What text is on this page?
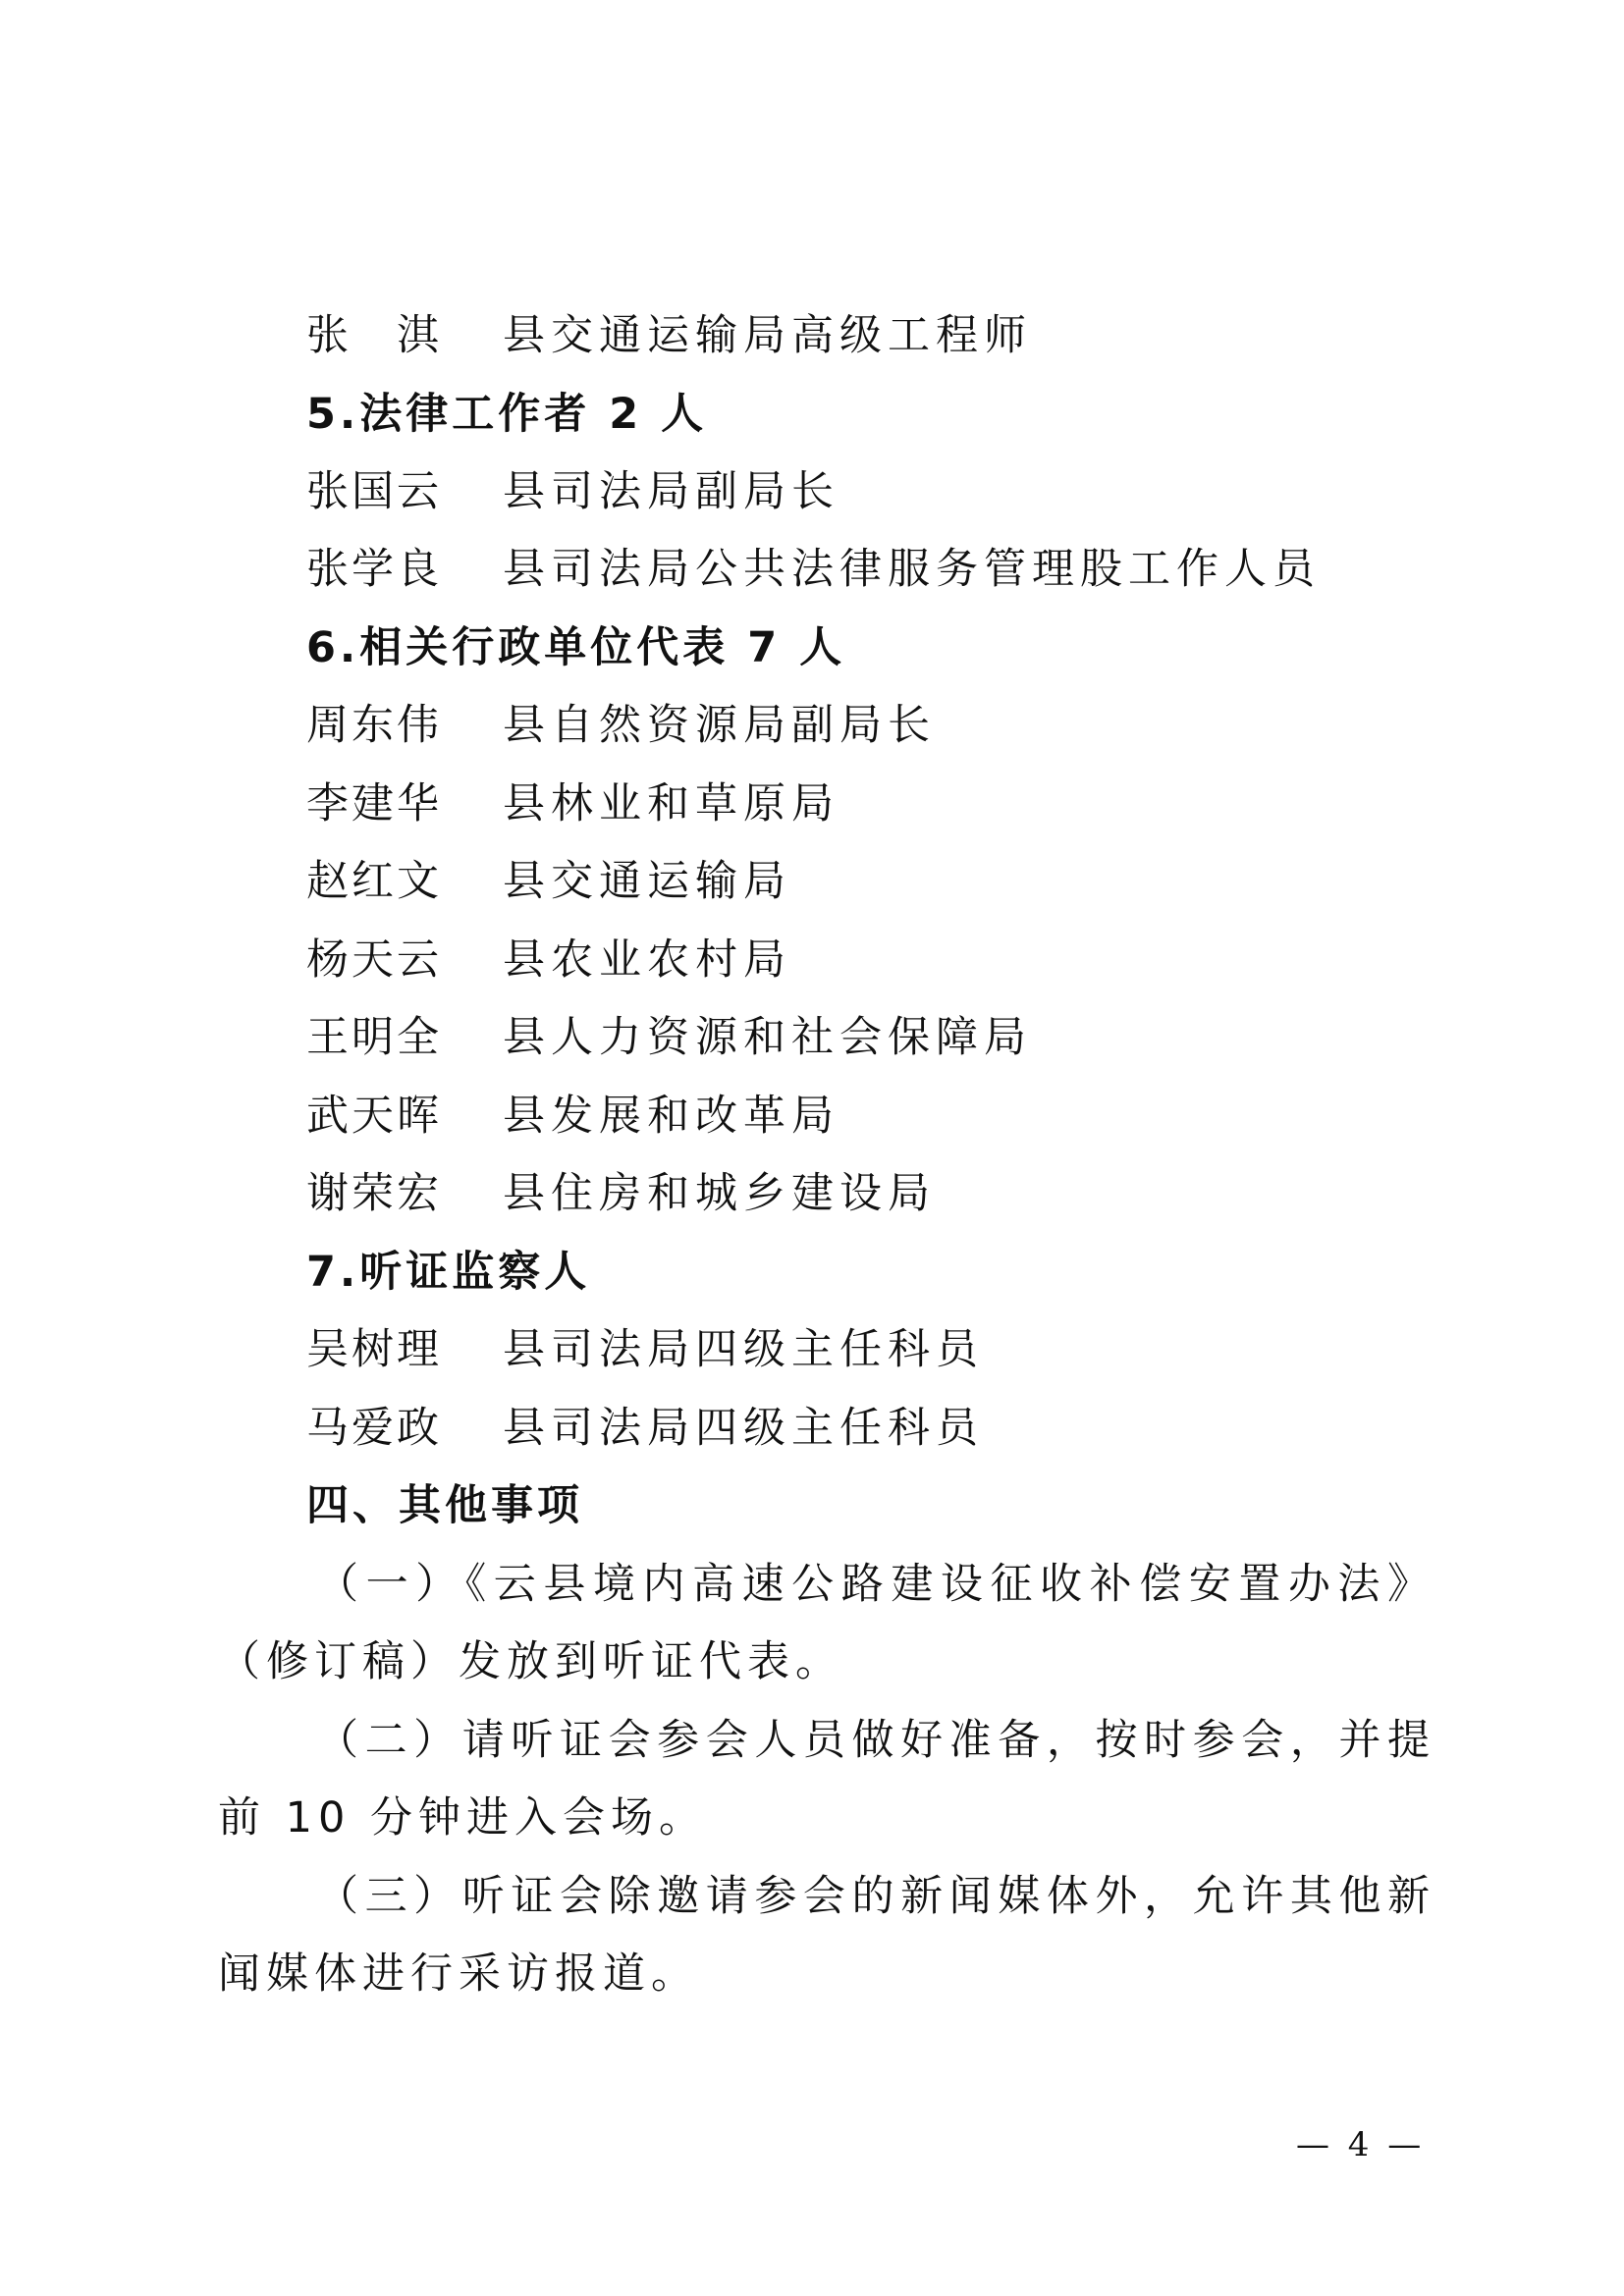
张　淇 县交通运输局高级工程师
5.法律工作者 2 人
张国云 县司法局副局长
张学良 县司法局公共法律服务管理股工作人员
6.相关行政单位代表 7 人
周东伟 县自然资源局副局长
李建华 县林业和草原局
赵红文 县交通运输局
杨天云 县农业农村局
王明全 县人力资源和社会保障局
武天晖 县发展和改革局
谢荣宏 县住房和城乡建设局
7.听证监察人
吴树理 县司法局四级主任科员
马爱政 县司法局四级主任科员
四、其他事项
（一）《云县境内高速公路建设征收补偿安置办法》（修订稿）发放到听证代表。
（二）请听证会参会人员做好准备，按时参会，并提前 10 分钟进入会场。
（三）听证会除邀请参会的新闻媒体外，允许其他新闻媒体进行采访报道。
— 4 —
